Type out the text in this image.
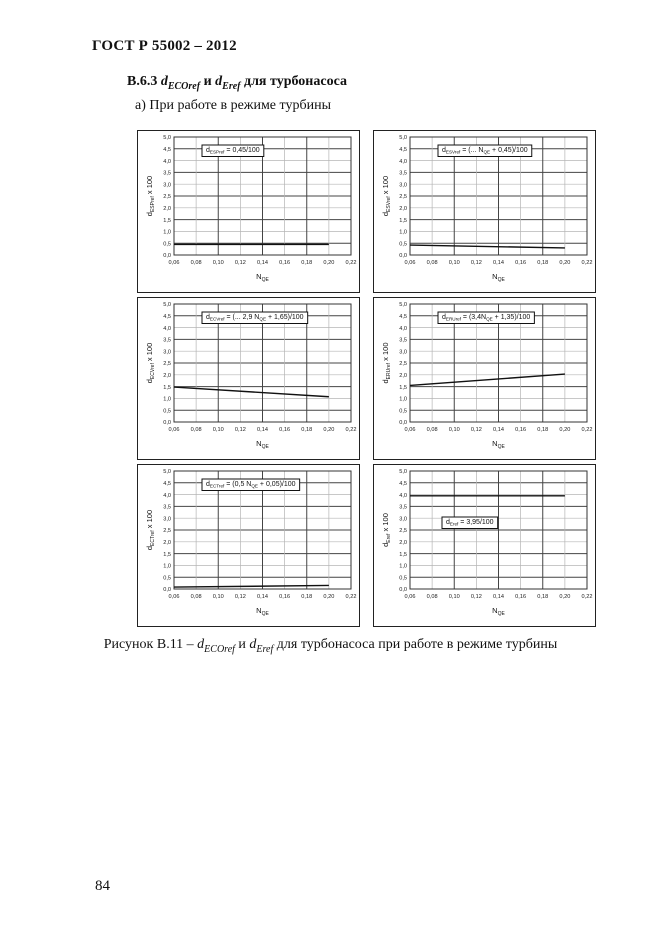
ГОСТ Р 55002 – 2012
В.6.3 $d_{ECOref}$ и $d_{Eref}$ для турбонасоса
а) При работе в режиме турбины
0,0
0,5
1,0
1,5
2,0
2,5
3,0
3,5
4,0
4,5
5,0
0,06 0,08 0,10 0,12 0,14 0,16 0,18 0,20 0,22
$N_{QE}$
$d_{ESPref}$ x 100
$d_{ESPref} = 0,45/100$
0,0
0,5
1,0
1,5
2,0
2,5
3,0
3,5
4,0
4,5
5,0
0,06 0,08 0,10 0,12 0,14 0,16 0,18 0,20 0,22
$N_{QE}$
$d_{ESVref}$ x 100
$d_{ESVref}$ = (... $N_{QE} + 0,45)/100$
0,0
0,5
1,0
1,5
2,0
2,5
3,0
3,5
4,0
4,5
5,0
0,06 0,08 0,10 0,12 0,14 0,16 0,18 0,20 0,22
$N_{QE}$
$d_{ECVref}$ x 100
$d_{ECVref}$ = (... 2,9 $N_{QE} + 1,65)/100$
0,0
0,5
1,0
1,5
2,0
2,5
3,0
3,5
4,0
4,5
5,0
0,06 0,08 0,10 0,12 0,14 0,16 0,18 0,20 0,22
$N_{QE}$
$d_{ERUref}$ x 100
$d_{ERUref} = (3,4N_{QE} + 1,35)/100$
0,0
0,5
1,0
1,5
2,0
2,5
3,0
3,5
4,0
4,5
5,0
0,06 0,08 0,10 0,12 0,14 0,16 0,18 0,20 0,22
$N_{QE}$
$d_{ECTref}$ x 100
$d_{ECTref} = (0,5$ $N_{QE} + 0,05)/100$
0,0
0,5
1,0
1,5
2,0
2,5
3,0
3,5
4,0
4,5
5,0
0,06 0,08 0,10 0,12 0,14 0,16 0,18 0,20 0,22
$N_{QE}$
$d_{Eref}$ x 100	$d_{Eref} = 3,95/100$
Рисунок $В.11 - d_{ECOref}$ и $d_{Eref}$ для турбонасоса при работе в режиме турбины
84
